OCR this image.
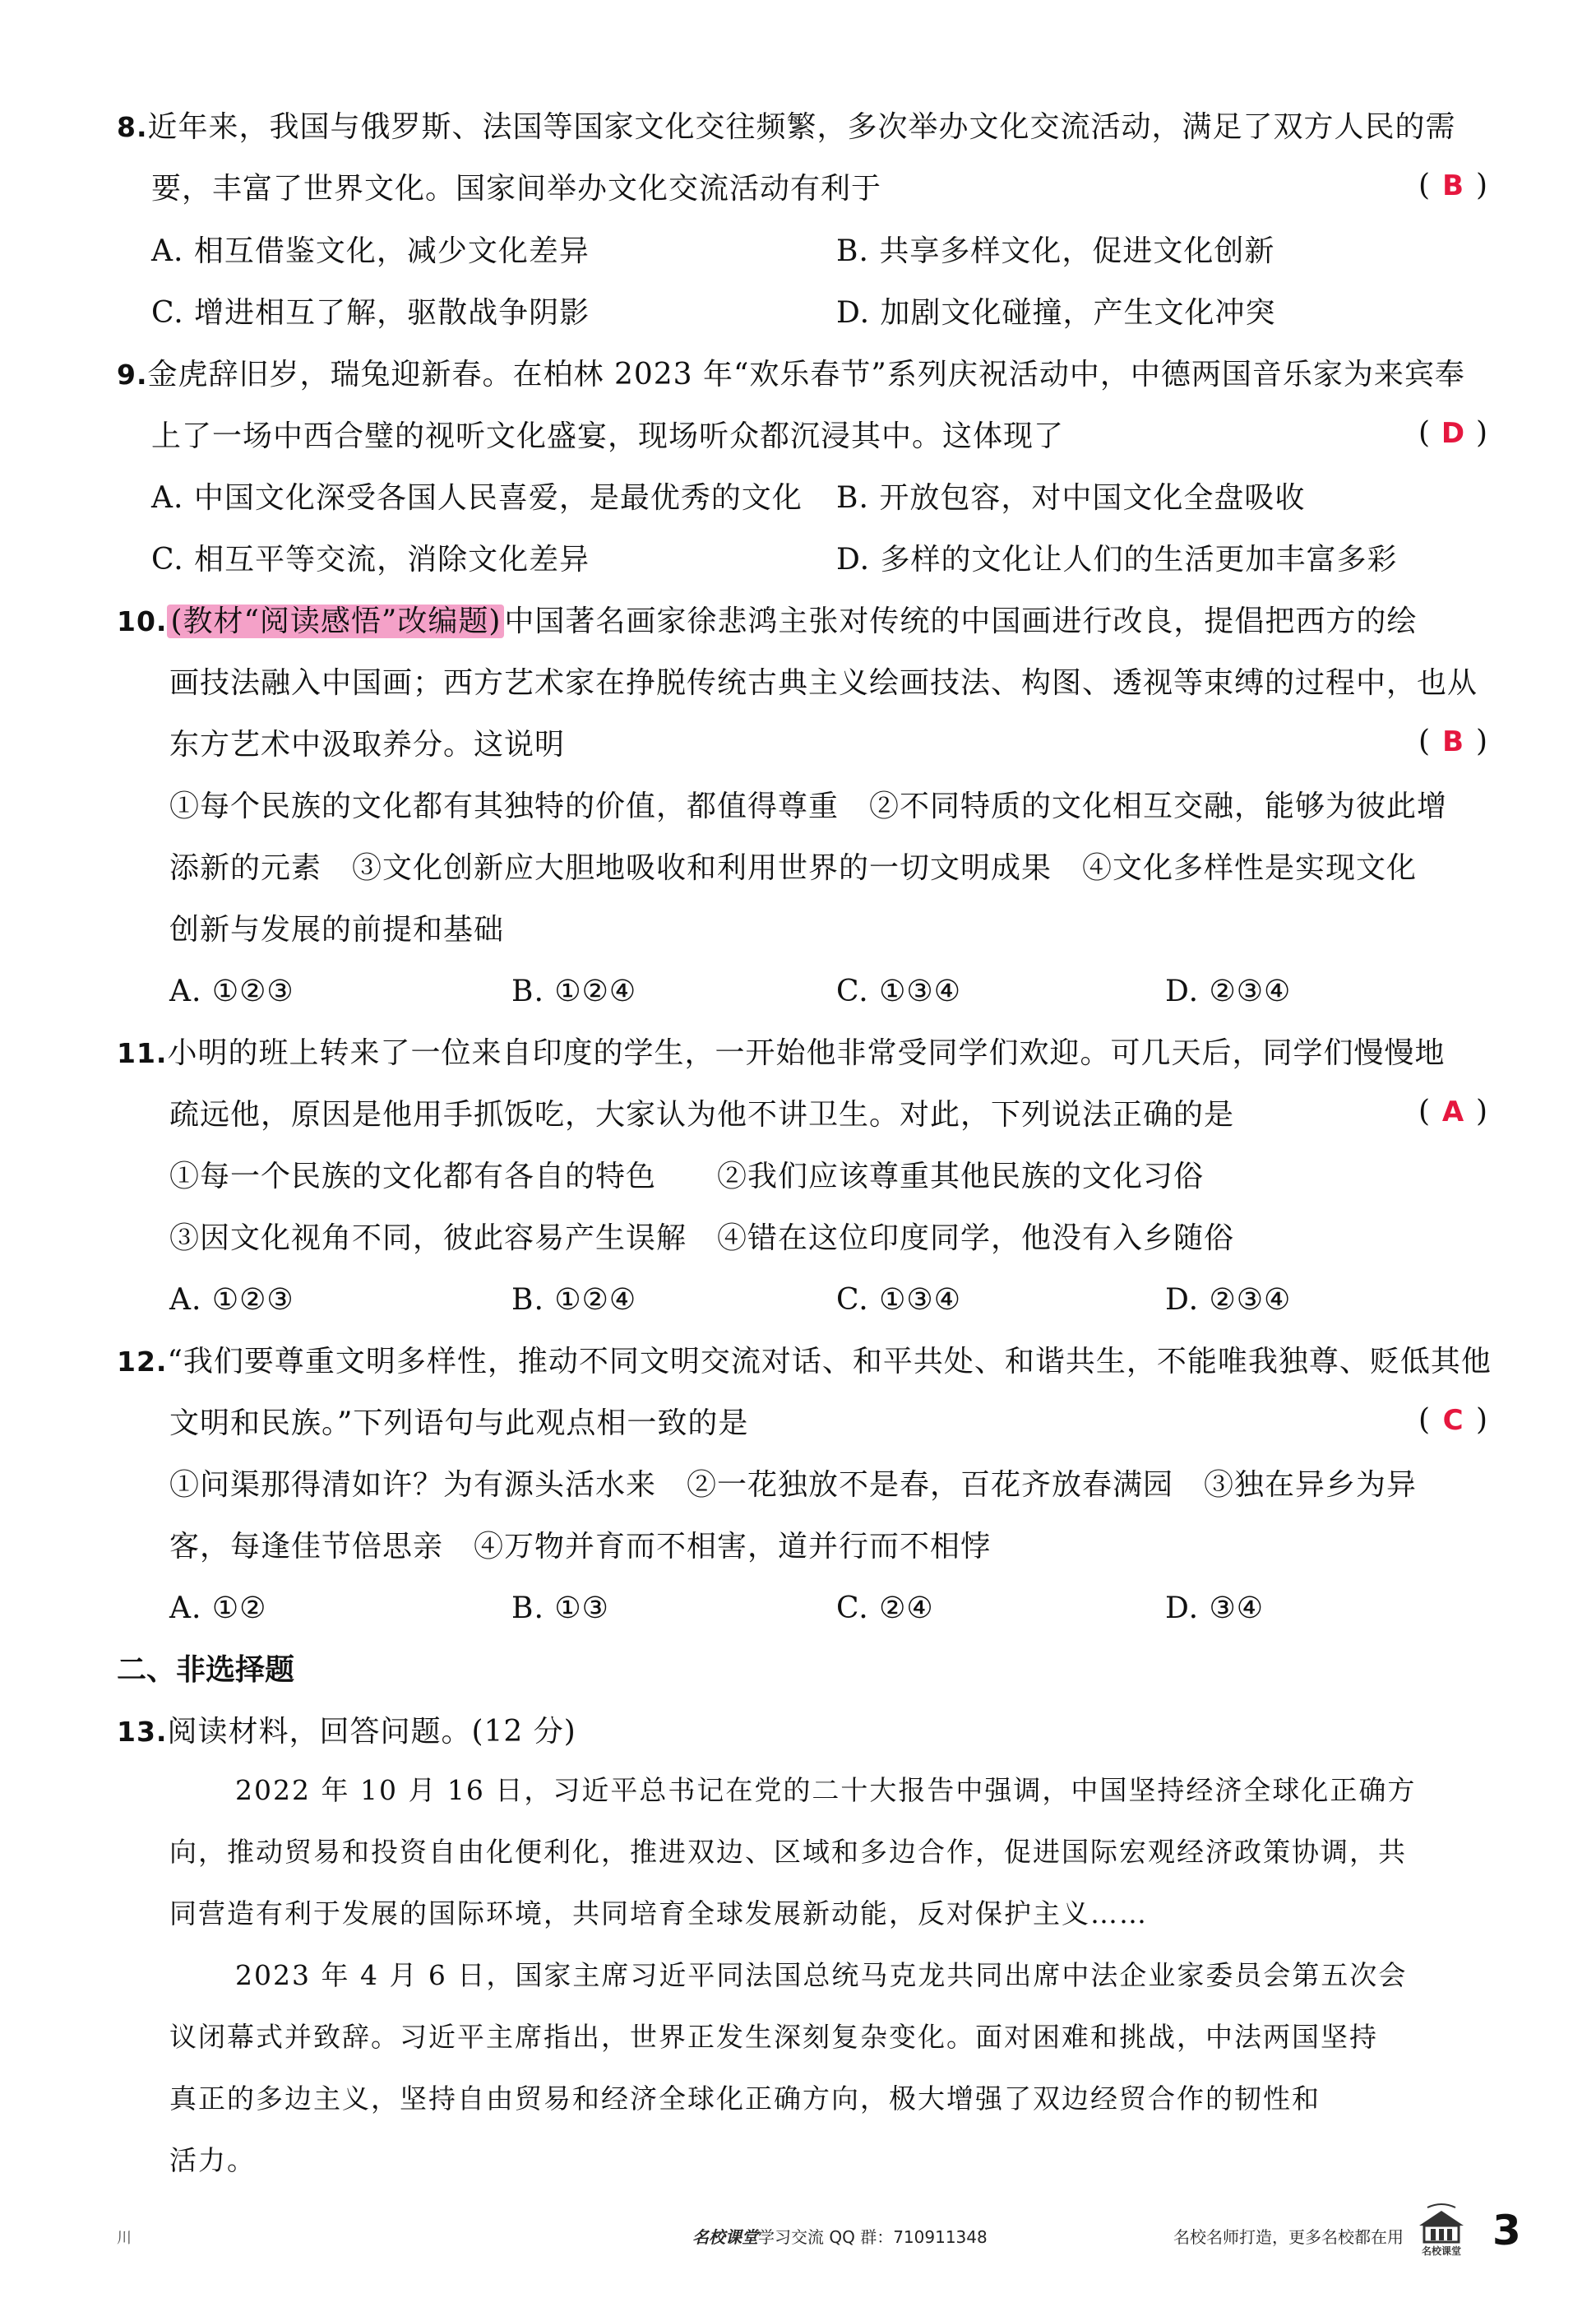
8.近年来，我国与俄罗斯、法国等国家文化交往频繁，多次举办文化交流活动，满足了双方人民的需
要，丰富了世界文化。国家间举办文化交流活动有利于	( B )
A. 相互借鉴文化，减少文化差异	B. 共享多样文化，促进文化创新
C. 增进相互了解，驱散战争阴影	D. 加剧文化碰撞，产生文化冲突
9.金虎辞旧岁，瑞兔迎新春。在柏林 2023 年“欢乐春节”系列庆祝活动中，中德两国音乐家为来宾奉
上了一场中西合璧的视听文化盛宴，现场听众都沉浸其中。这体现了	( D )
A. 中国文化深受各国人民喜爱，是最优秀的文化 B. 开放包容，对中国文化全盘吸收
C. 相互平等交流，消除文化差异	D. 多样的文化让人们的生活更加丰富多彩
10. (教材“阅读感悟”改编题) 中国著名画家徐悲鸿主张对传统的中国画进行改良，提倡把西方的绘
画技法融入中国画；西方艺术家在挣脱传统古典主义绘画技法、构图、透视等束缚的过程中，也从
东方艺术中汲取养分。这说明	( B )
①每个民族的文化都有其独特的价值，都值得尊重　②不同特质的文化相互交融，能够为彼此增
添新的元素　③文化创新应大胆地吸收和利用世界的一切文明成果　④文化多样性是实现文化
创新与发展的前提和基础
A. ①②③	B. ①②④	C. ①③④	D. ②③④
11.小明的班上转来了一位来自印度的学生，一开始他非常受同学们欢迎。可几天后，同学们慢慢地
疏远他，原因是他用手抓饭吃，大家认为他不讲卫生。对此，下列说法正确的是	( A )
①每一个民族的文化都有各自的特色　　②我们应该尊重其他民族的文化习俗
③因文化视角不同，彼此容易产生误解　④错在这位印度同学，他没有入乡随俗
A. ①②③	B. ①②④	C. ①③④	D. ②③④
12.“我们要尊重文明多样性，推动不同文明交流对话、和平共处、和谐共生，不能唯我独尊、贬低其他
文明和民族。”下列语句与此观点相一致的是	( C )
①问渠那得清如许？为有源头活水来　②一花独放不是春，百花齐放春满园　③独在异乡为异
客，每逢佳节倍思亲　④万物并育而不相害，道并行而不相悖
A. ①②	B. ①③	C. ②④	D. ③④
二、非选择题
13.阅读材料，回答问题。(12 分)
2022 年 10 月 16 日，习近平总书记在党的二十大报告中强调，中国坚持经济全球化正确方
向，推动贸易和投资自由化便利化，推进双边、区域和多边合作，促进国际宏观经济政策协调，共
同营造有利于发展的国际环境，共同培育全球发展新动能，反对保护主义……
2023 年 4 月 6 日，国家主席习近平同法国总统马克龙共同出席中法企业家委员会第五次会
议闭幕式并致辞。习近平主席指出，世界正发生深刻复杂变化。面对困难和挑战，中法两国坚持
真正的多边主义，坚持自由贸易和经济全球化正确方向，极大增强了双边经贸合作的韧性和
活力。
川	名校课堂学习交流 QQ 群：710911348	名校名师打造，更多名校都在用
名校课堂 3
